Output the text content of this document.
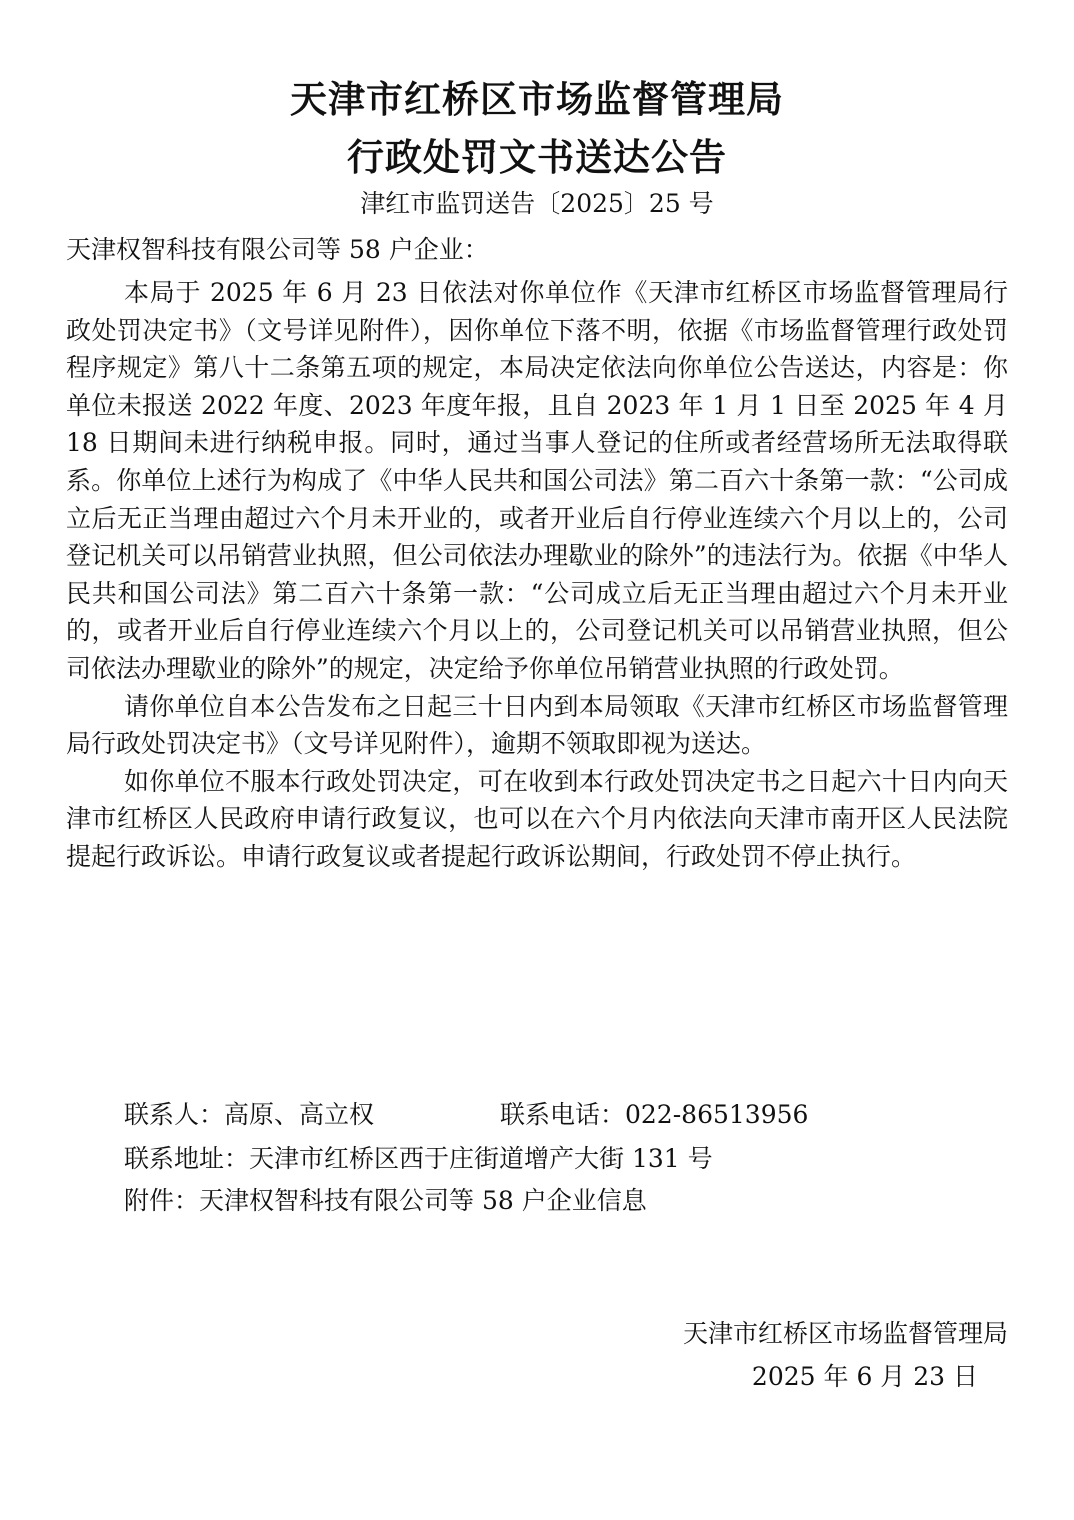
天津市红桥区市场监督管理局
行政处罚文书送达公告
津红市监罚送告〔2025〕25 号
天津权智科技有限公司等 58 户企业：

本局于 2025 年 6 月 23 日依法对你单位作《天津市红桥区市场监督管理局行政处罚决定书》（文号详见附件），因你单位下落不明，依据《市场监督管理行政处罚程序规定》第八十二条第五项的规定，本局决定依法向你单位公告送达，内容是：你单位未报送 2022 年度、2023 年度年报，且自 2023 年 1 月 1 日至 2025 年 4 月 18 日期间未进行纳税申报。同时，通过当事人登记的住所或者经营场所无法取得联系。你单位上述行为构成了《中华人民共和国公司法》第二百六十条第一款：“公司成立后无正当理由超过六个月未开业的，或者开业后自行停业连续六个月以上的，公司登记机关可以吊销营业执照，但公司依法办理歇业的除外”的违法行为。依据《中华人民共和国公司法》第二百六十条第一款：“公司成立后无正当理由超过六个月未开业的，或者开业后自行停业连续六个月以上的，公司登记机关可以吊销营业执照，但公司依法办理歇业的除外”的规定，决定给予你单位吊销营业执照的行政处罚。

请你单位自本公告发布之日起三十日内到本局领取《天津市红桥区市场监督管理局行政处罚决定书》（文号详见附件），逾期不领取即视为送达。

如你单位不服本行政处罚决定，可在收到本行政处罚决定书之日起六十日内向天津市红桥区人民政府申请行政复议，也可以在六个月内依法向天津市南开区人民法院提起行政诉讼。申请行政复议或者提起行政诉讼期间，行政处罚不停止执行。

联系人：高原、高立权	联系电话：022-86513956
联系地址：天津市红桥区西于庄街道增产大街 131 号
附件：天津权智科技有限公司等 58 户企业信息
天津市红桥区市场监督管理局
2025 年 6 月 23 日
